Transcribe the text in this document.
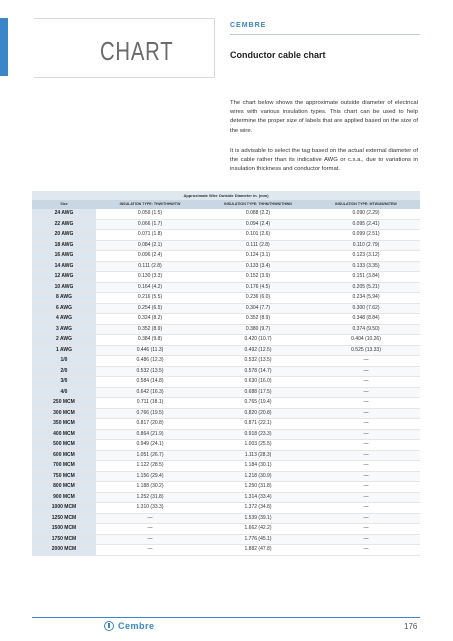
CHART
CEMBRE
Conductor cable chart

The chart below shows the approximate outside diameter of electrical wires with various insulation types. This chart can be used to help determine the proper size of labels that are applied based on the size of the wire.

It is advisable to select the tag based on the actual external diameter of the cable rather than its indicative AWG or c.s.a., due to variations in insulation thickness and conductor format.

Approximate Wire Outside Diameter in. (mm)
Size	INSULATION TYPE: THW/THHW/TW	INSULATION TYPE: THHN/THWN/THWN	INSULATION TYPE: MTW/AWM/TEW
24 AWG	0.059 (1.5)	0.088 (2.2)	0.090 (2.29)
22 AWG	0.066 (1.7)	0.094 (2.4)	0.095 (2.41)
20 AWG	0.071 (1.8)	0.101 (2.6)	0.099 (2.51)
18 AWG	0.084 (2.1)	0.111 (2.8)	0.110 (2.79)
16 AWG	0.096 (2.4)	0.124 (3.1)	0.123 (3.12)
14 AWG	0.111 (2.8)	0.133 (3.4)	0.133 (3.35)
12 AWG	0.130 (3.3)	0.152 (3.9)	0.151 (3.84)
10 AWG	0.164 (4.2)	0.176 (4.5)	0.205 (5.21)
8 AWG	0.216 (5.5)	0.236 (6.0)	0.234 (5.94)
6 AWG	0.254 (6.5)	0.304 (7.7)	0.300 (7.62)
4 AWG	0.324 (8.2)	0.352 (8.9)	0.348 (8.84)
3 AWG	0.352 (8.9)	0.380 (9.7)	0.374 (9.50)
2 AWG	0.384 (9.8)	0.420 (10.7)	0.404 (10.26)
1 AWG	0.446 (11.3)	0.492 (12.5)	0.525 (13.33)
1/0	0.486 (12.3)	0.532 (13.5)	—
2/0	0.532 (13.5)	0.578 (14.7)	—
3/0	0.584 (14.8)	0.630 (16.0)	—
4/0	0.642 (16.3)	0.688 (17.5)	—
250 MCM	0.711 (18.1)	0.765 (19.4)	—
300 MCM	0.766 (19.5)	0.820 (20.8)	—
350 MCM	0.817 (20.8)	0.871 (22.1)	—
400 MCM	0.864 (21.9)	0.918 (23.3)	—
500 MCM	0.949 (24.1)	1.003 (25.5)	—
600 MCM	1.051 (26.7)	1.113 (28.3)	—
700 MCM	1.122 (28.5)	1.184 (30.1)	—
750 MCM	1.156 (29.4)	1.218 (30.9)	—
800 MCM	1.188 (30.2)	1.250 (31.8)	—
900 MCM	1.252 (31.8)	1.314 (33.4)	—
1000 MCM	1.310 (33.3)	1.372 (34.8)	—
1250 MCM	—	1.539 (39.1)	—
1500 MCM	—	1.662 (42.2)	—
1750 MCM	—	1.776 (45.1)	—
2000 MCM	—	1.882 (47.8)	—
Cembre	176
